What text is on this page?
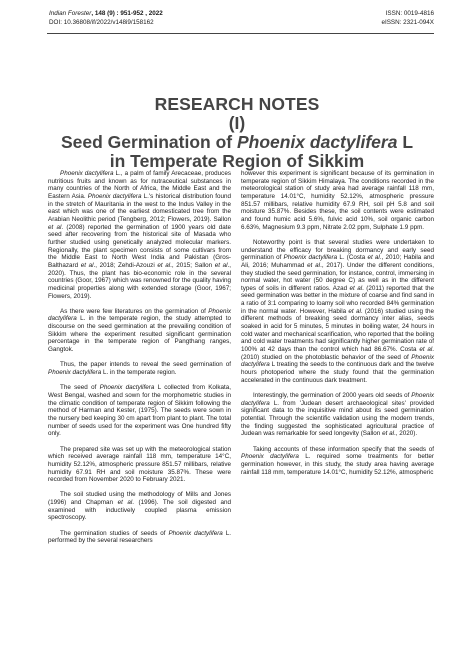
Indian Forester, 148 (9) : 951-952 , 2022
DOI: 10.36808/if/2022/v148i9/158162
ISSN: 0019-4816
eISSN: 2321-094X
RESEARCH NOTES
(I)
Seed Germination of Phoenix dactylifera L
in Temperate Region of Sikkim

Phoenix dactylifera L., a palm of family Arecaceae, produces nutritious fruits and known as for nutraceutical substances in many countries of the North of Africa, the Middle East and the Eastern Asia. Phoenix dactylifera L.'s historical distribution found in the stretch of Mauritania in the west to the Indus Valley in the east which was one of the earliest domesticated tree from the Arabian Neolithic period (Tengberg, 2012; Flowers, 2019). Sallon et al. (2008) reported the germination of 1900 years old date seed after recovering from the historical site of Masada who further studied using genetically analyzed molecular markers. Regionally, the plant specimen consists of some cultivars from the Middle East to North West India and Pakistan (Gros-Balthazard et al., 2018; Zehdi-Azouzi et al., 2015; Sallon et al., 2020). Thus, the plant has bio-economic role in the several countries (Goor, 1967) which was renowned for the quality having medicinal properties along with extended storage (Goor, 1967; Flowers, 2019).

As there were few literatures on the germination of Phoenix dactylifera L. in the temperate region, the study attempted to discourse on the seed germination at the prevailing condition of Sikkim where the experiment resulted significant germination percentage in the temperate region of Pangthang ranges, Gangtok.

Thus, the paper intends to reveal the seed germination of Phoenix dactylifera L. in the temperate region.

The seed of Phoenix dactylifera L collected from Kolkata, West Bengal, washed and sown for the morphometric studies in the climatic condition of temperate region of Sikkim following the method of Harman and Kester, (1975). The seeds were sown in the nursery bed keeping 30 cm apart from plant to plant. The total number of seeds used for the experiment was One hundred fifty only.

The prepared site was set up with the meteorological station which received average rainfall 118 mm, temperature 14°C, humidity 52.12%, atmospheric pressure 851.57 millibars, relative humidity 67.91 RH and soil moisture 35.87%. These were recorded from November 2020 to February 2021.

The soil studied using the methodology of Mills and Jones (1996) and Chapman et al. (1996). The soil digested and examined with inductively coupled plasma emission spectroscopy.

The germination studies of seeds of Phoenix dactylifera L. performed by the several researchers

however this experiment is significant because of its germination in temperate region of Sikkim Himalaya. The conditions recorded in the meteorological station of study area had average rainfall 118 mm, temperature 14.01°C, humidity 52.12%, atmospheric pressure 851.57 millibars, relative humidity 67.9 RH, soil pH 5.8 and soil moisture 35.87%. Besides these, the soil contents were estimated and found humic acid 5.6%, fulvic acid 10%, soil organic carbon 6.63%, Magnesium 9.3 ppm, Nitrate 2.02 ppm, Sulphate 1.9 ppm.

Noteworthy point is that several studies were undertaken to understand the efficacy for breaking dormancy and early seed germination of Phoenix dactylifera L. (Costa et al., 2010; Habila and Ali, 2016; Muhammad et al., 2017). Under the different conditions, they studied the seed germination, for instance, control, immersing in normal water, hot water (50 degree C) as well as in the different types of soils in different ratios. Azad et al. (2011) reported that the seed germination was better in the mixture of coarse and find sand in a ratio of 3:1 comparing to loamy soil who recorded 84% germination in the normal water. However, Habila et al. (2016) studied using the different methods of breaking seed dormancy inter alias, seeds soaked in acid for 5 minutes, 5 minutes in boiling water, 24 hours in cold water and mechanical scarification, who reported that the boiling and cold water treatments had significantly higher germination rate of 100% at 42 days than the control which had 86.67%. Costa et al. (2010) studied on the photoblastic behavior of the seed of Phoenix dactylifera L treating the seeds to the continuous dark and the twelve hours photoperiod where the study found that the germination accelerated in the continuous dark treatment.

Interestingly, the germination of 2000 years old seeds of Phoenix dactylifera L. from 'Judean desert archaeological sites' provided significant data to the inquisitive mind about its seed germination potential. Through the scientific validation using the modern trends, the finding suggested the sophisticated agricultural practice of Judean was remarkable for seed longevity (Sallon et al., 2020).

Taking accounts of these information specify that the seeds of Phoenix dactylifera L. required some treatments for better germination however, in this study, the study area having average rainfall 118 mm, temperature 14.01°C, humidity 52.12%, atmospheric
